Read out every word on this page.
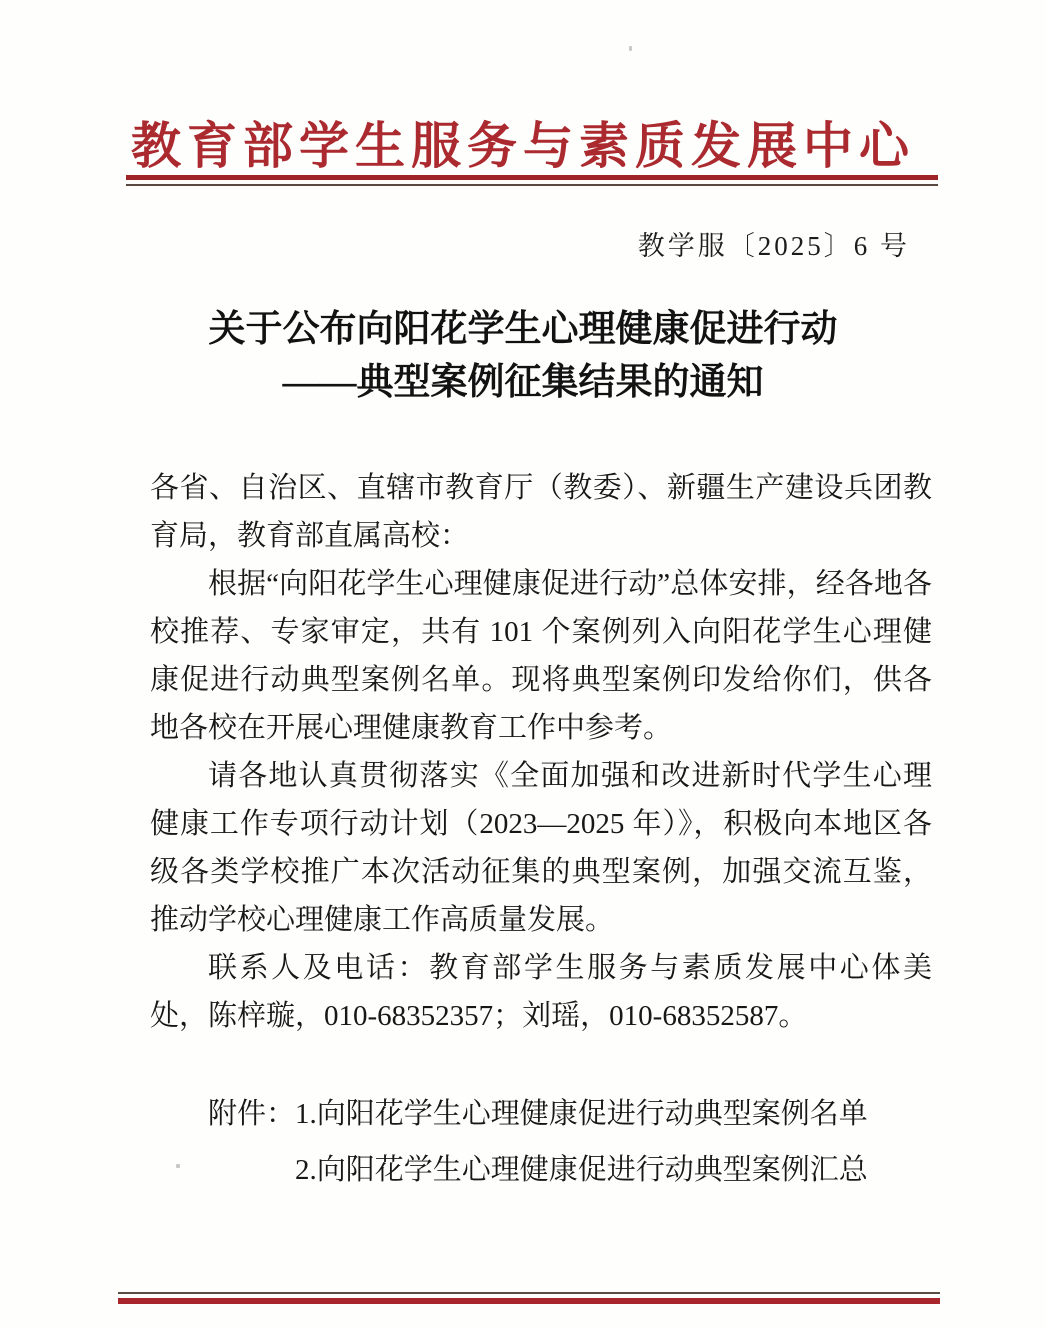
教育部学生服务与素质发展中心
教学服〔2025〕6 号
关于公布向阳花学生心理健康促进行动
——典型案例征集结果的通知

各省、自治区、直辖市教育厅（教委）、新疆生产建设兵团教育局，教育部直属高校：

根据“向阳花学生心理健康促进行动”总体安排，经各地各校推荐、专家审定，共有 101 个案例列入向阳花学生心理健康促进行动典型案例名单。现将典型案例印发给你们，供各地各校在开展心理健康教育工作中参考。

请各地认真贯彻落实《全面加强和改进新时代学生心理健康工作专项行动计划（2023—2025 年）》，积极向本地区各级各类学校推广本次活动征集的典型案例，加强交流互鉴，推动学校心理健康工作高质量发展。

联系人及电话：教育部学生服务与素质发展中心体美处，陈梓璇，010-68352357；刘瑶，010-68352587。

附件：1.向阳花学生心理健康促进行动典型案例名单
2.向阳花学生心理健康促进行动典型案例汇总
